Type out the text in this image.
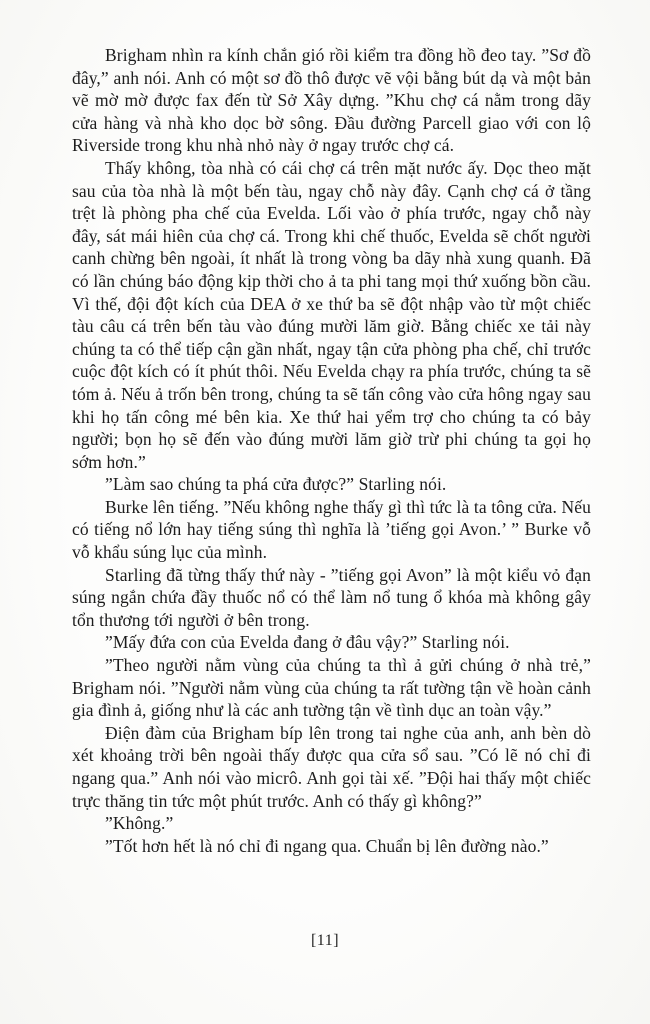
Brigham nhìn ra kính chắn gió rồi kiểm tra đồng hồ đeo tay. ”Sơ đồ đây,” anh nói. Anh có một sơ đồ thô được vẽ vội bằng bút dạ và một bản vẽ mờ mờ được fax đến từ Sở Xây dựng. ”Khu chợ cá nằm trong dãy cửa hàng và nhà kho dọc bờ sông. Đầu đường Parcell giao với con lộ Riverside trong khu nhà nhỏ này ở ngay trước chợ cá.

Thấy không, tòa nhà có cái chợ cá trên mặt nước ấy. Dọc theo mặt sau của tòa nhà là một bến tàu, ngay chỗ này đây. Cạnh chợ cá ở tầng trệt là phòng pha chế của Evelda. Lối vào ở phía trước, ngay chỗ này đây, sát mái hiên của chợ cá. Trong khi chế thuốc, Evelda sẽ chốt người canh chừng bên ngoài, ít nhất là trong vòng ba dãy nhà xung quanh. Đã có lần chúng báo động kịp thời cho ả ta phi tang mọi thứ xuống bồn cầu. Vì thế, đội đột kích của DEA ở xe thứ ba sẽ đột nhập vào từ một chiếc tàu câu cá trên bến tàu vào đúng mười lăm giờ. Bằng chiếc xe tải này chúng ta có thể tiếp cận gần nhất, ngay tận cửa phòng pha chế, chỉ trước cuộc đột kích có ít phút thôi. Nếu Evelda chạy ra phía trước, chúng ta sẽ tóm ả. Nếu ả trốn bên trong, chúng ta sẽ tấn công vào cửa hông ngay sau khi họ tấn công mé bên kia. Xe thứ hai yểm trợ cho chúng ta có bảy người; bọn họ sẽ đến vào đúng mười lăm giờ trừ phi chúng ta gọi họ sớm hơn.”

”Làm sao chúng ta phá cửa được?” Starling nói.

Burke lên tiếng. ”Nếu không nghe thấy gì thì tức là ta tông cửa. Nếu có tiếng nổ lớn hay tiếng súng thì nghĩa là ’tiếng gọi Avon.’ ” Burke vỗ vỗ khẩu súng lục của mình.

Starling đã từng thấy thứ này - ”tiếng gọi Avon” là một kiểu vỏ đạn súng ngắn chứa đầy thuốc nổ có thể làm nổ tung ổ khóa mà không gây tổn thương tới người ở bên trong.

”Mấy đứa con của Evelda đang ở đâu vậy?” Starling nói.

”Theo người nằm vùng của chúng ta thì ả gửi chúng ở nhà trẻ,” Brigham nói. ”Người nằm vùng của chúng ta rất tường tận về hoàn cảnh gia đình ả, giống như là các anh tường tận về tình dục an toàn vậy.”

Điện đàm của Brigham bíp lên trong tai nghe của anh, anh bèn dò xét khoảng trời bên ngoài thấy được qua cửa sổ sau. ”Có lẽ nó chỉ đi ngang qua.” Anh nói vào micrô. Anh gọi tài xế. ”Đội hai thấy một chiếc trực thăng tin tức một phút trước. Anh có thấy gì không?”

”Không.”

”Tốt hơn hết là nó chỉ đi ngang qua. Chuẩn bị lên đường nào.”

[11]
